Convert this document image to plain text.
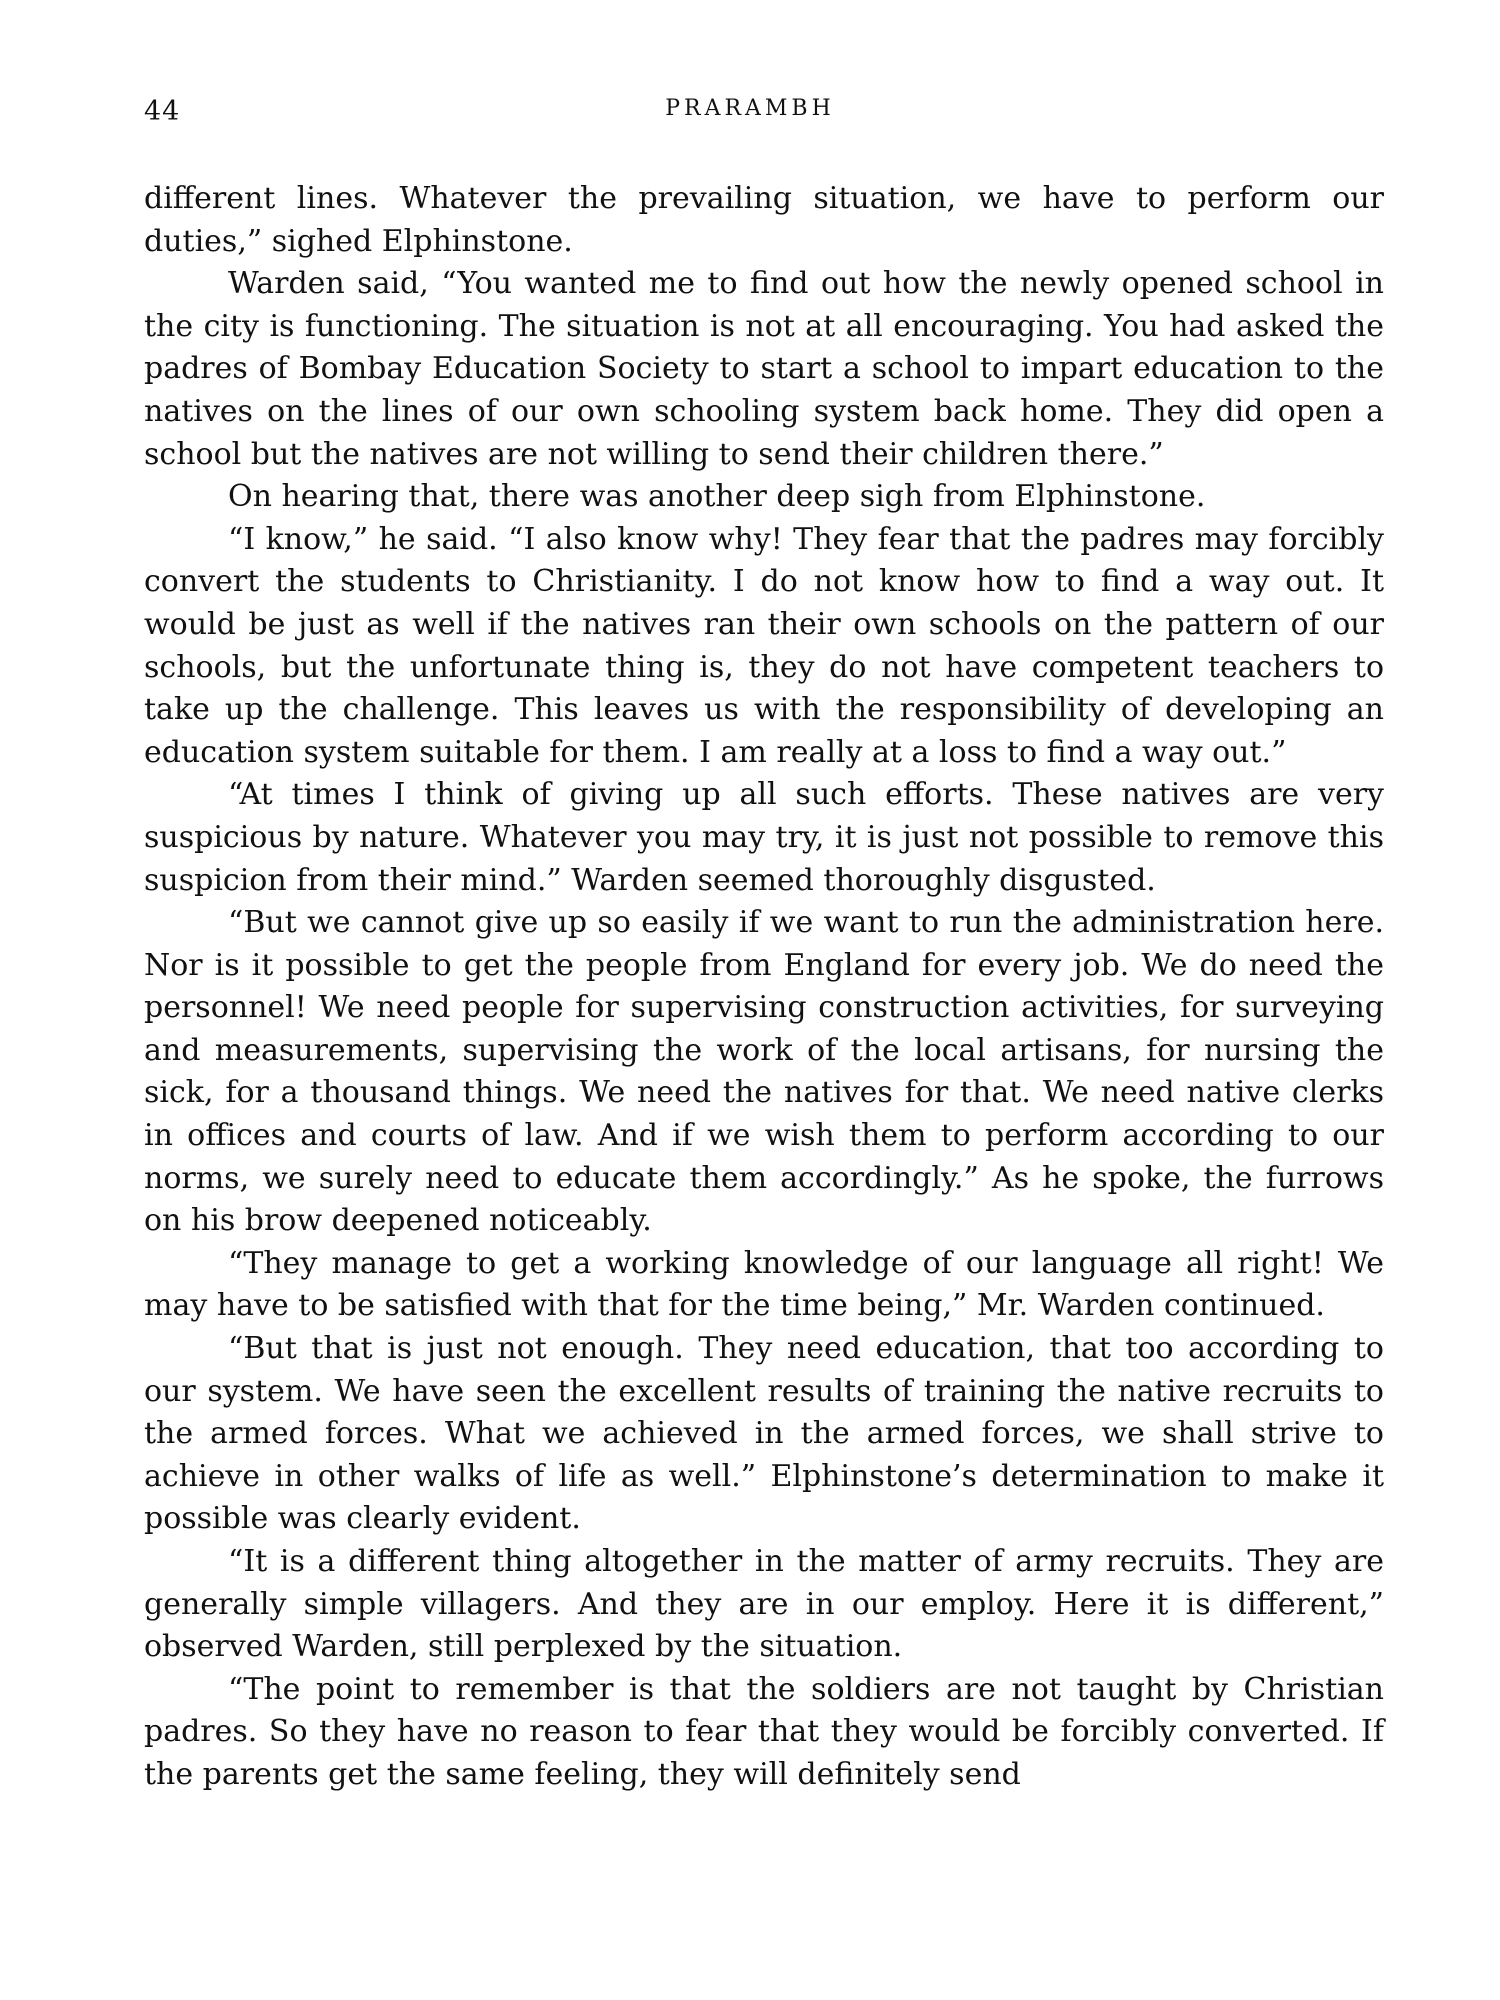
44	PRARAMBH

different lines. Whatever the prevailing situation, we have to perform our duties,” sighed Elphinstone.

Warden said, “You wanted me to find out how the newly opened school in the city is functioning. The situation is not at all encouraging. You had asked the padres of Bombay Education Society to start a school to impart education to the natives on the lines of our own schooling system back home. They did open a school but the natives are not willing to send their children there.”

On hearing that, there was another deep sigh from Elphinstone.

“I know,” he said. “I also know why! They fear that the padres may forcibly convert the students to Christianity. I do not know how to find a way out. It would be just as well if the natives ran their own schools on the pattern of our schools, but the unfortunate thing is, they do not have competent teachers to take up the challenge. This leaves us with the responsibility of developing an education system suitable for them. I am really at a loss to find a way out.”

“At times I think of giving up all such efforts. These natives are very suspicious by nature. Whatever you may try, it is just not possible to remove this suspicion from their mind.” Warden seemed thoroughly disgusted.

“But we cannot give up so easily if we want to run the administration here. Nor is it possible to get the people from England for every job. We do need the personnel! We need people for supervising construction activities, for surveying and measurements, supervising the work of the local artisans, for nursing the sick, for a thousand things. We need the natives for that. We need native clerks in offices and courts of law. And if we wish them to perform according to our norms, we surely need to educate them accordingly.” As he spoke, the furrows on his brow deepened noticeably.

“They manage to get a working knowledge of our language all right! We may have to be satisfied with that for the time being,” Mr. Warden continued.

“But that is just not enough. They need education, that too according to our system. We have seen the excellent results of training the native recruits to the armed forces. What we achieved in the armed forces, we shall strive to achieve in other walks of life as well.” Elphinstone’s determination to make it possible was clearly evident.

“It is a different thing altogether in the matter of army recruits. They are generally simple villagers. And they are in our employ. Here it is different,” observed Warden, still perplexed by the situation.

“The point to remember is that the soldiers are not taught by Christian padres. So they have no reason to fear that they would be forcibly converted. If the parents get the same feeling, they will definitely send
